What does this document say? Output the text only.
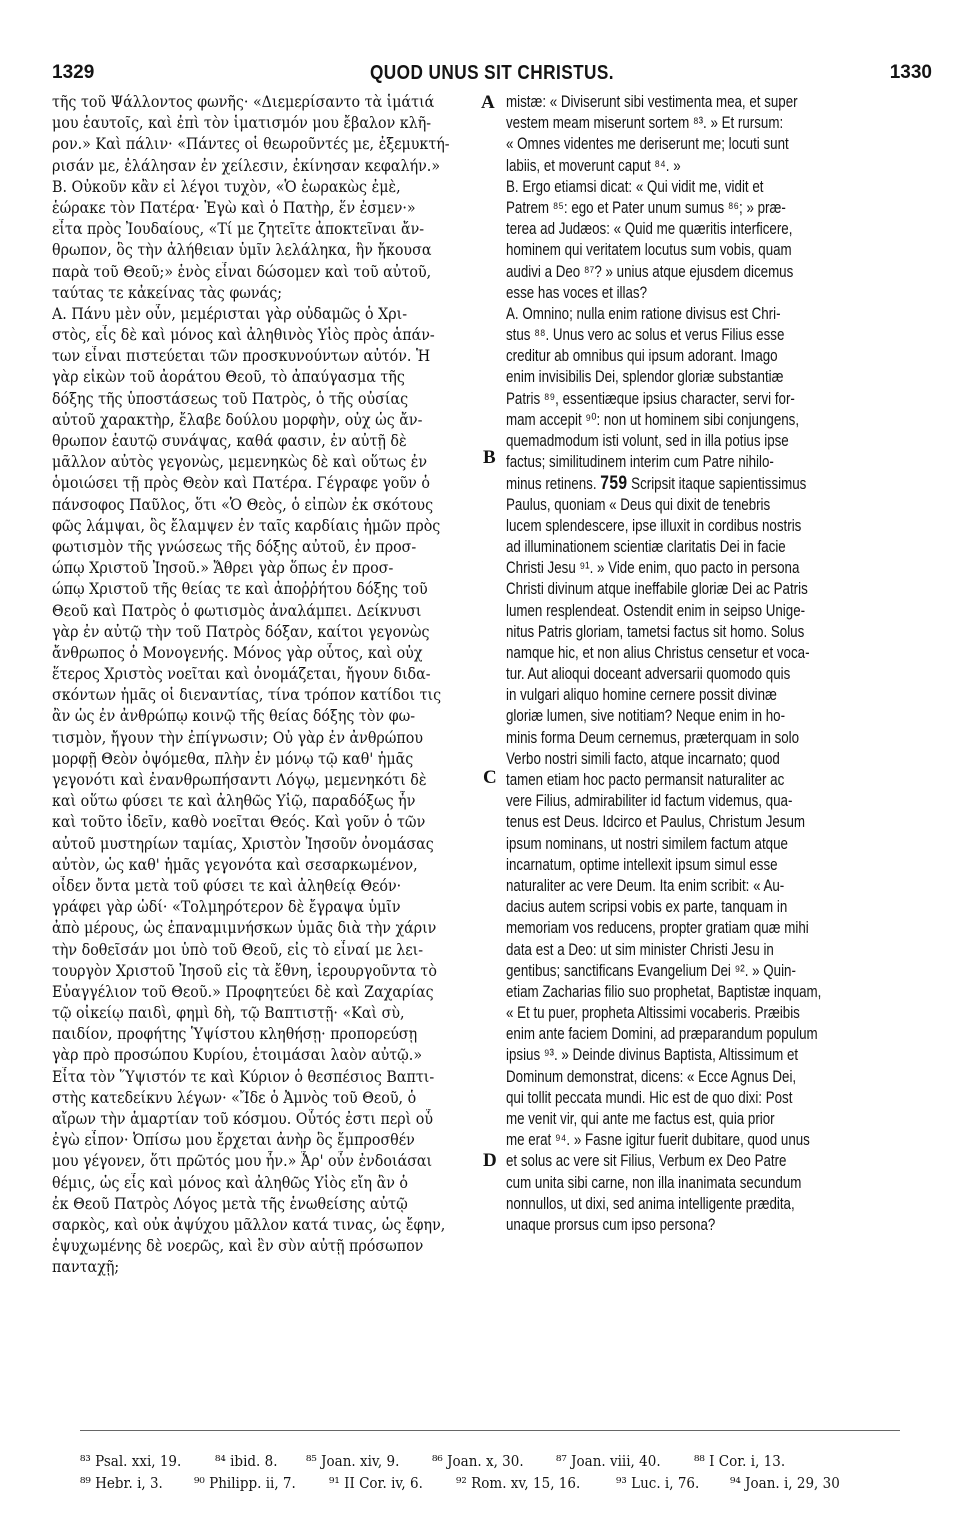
1329	QUOD UNUS SIT CHRISTUS.	1330
τῆς τοῦ Ψάλλοντος φωνῆς· «Διεμερίσαντο τὰ ἱμάτιά
μου ἑαυτοῖς, καὶ ἐπὶ τὸν ἱματισμόν μου ἔβαλον κλῆ-
ρον.» Καὶ πάλιν· «Πάντες οἱ θεωροῦντές με, ἐξεμυκτή-
ρισάν με, ἐλάλησαν ἐν χείλεσιν, ἐκίνησαν κεφαλήν.»
Β. Οὐκοῦν κἂν εἰ λέγοι τυχὸν, «Ὁ ἑωρακὼς ἐμὲ,
ἑώρακε τὸν Πατέρα· Ἐγὼ καὶ ὁ Πατὴρ, ἕν ἐσμεν·»
εἶτα πρὸς Ἰουδαίους, «Τί με ζητεῖτε ἀποκτεῖναι ἄν-
θρωπον, ὃς τὴν ἀλήθειαν ὑμῖν λελάληκα, ἣν ἤκουσα
παρὰ τοῦ Θεοῦ;» ἑνὸς εἶναι δώσομεν καὶ τοῦ αὐτοῦ,
ταύτας τε κἀκείνας τὰς φωνάς;
Α. Πάνυ μὲν οὖν, μεμέρισται γὰρ οὐδαμῶς ὁ Χρι-
στὸς, εἷς δὲ καὶ μόνος καὶ ἀληθινὸς Υἱὸς πρὸς ἁπάν-
των εἶναι πιστεύεται τῶν προσκυνούντων αὐτόν. Ἡ
γὰρ εἰκὼν τοῦ ἀοράτου Θεοῦ, τὸ ἀπαύγασμα τῆς
δόξης τῆς ὑποστάσεως τοῦ Πατρὸς, ὁ τῆς οὐσίας
αὐτοῦ χαρακτὴρ, ἔλαβε δούλου μορφὴν, οὐχ ὡς ἄν-
θρωπον ἑαυτῷ συνάψας, καθά φασιν, ἐν αὐτῇ δὲ
μᾶλλον αὐτὸς γεγονὼς, μεμενηκὼς δὲ καὶ οὕτως ἐν
ὁμοιώσει τῇ πρὸς Θεὸν καὶ Πατέρα. Γέγραφε γοῦν ὁ
πάνσοφος Παῦλος, ὅτι «Ὁ Θεὸς, ὁ εἰπὼν ἐκ σκότους
φῶς λάμψαι, ὃς ἔλαμψεν ἐν ταῖς καρδίαις ἡμῶν πρὸς
φωτισμὸν τῆς γνώσεως τῆς δόξης αὐτοῦ, ἐν προσ-
ώπῳ Χριστοῦ Ἰησοῦ.» Ἄθρει γὰρ ὅπως ἐν προσ-
ώπῳ Χριστοῦ τῆς θείας τε καὶ ἀποῤῥήτου δόξης τοῦ
Θεοῦ καὶ Πατρὸς ὁ φωτισμὸς ἀναλάμπει. Δείκνυσι
γὰρ ἐν αὐτῷ τὴν τοῦ Πατρὸς δόξαν, καίτοι γεγονὼς
ἄνθρωπος ὁ Μονογενής. Μόνος γὰρ οὗτος, καὶ οὐχ
ἕτερος Χριστὸς νοεῖται καὶ ὀνομάζεται, ἤγουν διδα-
σκόντων ἡμᾶς οἱ διεναντίας, τίνα τρόπον κατίδοι τις
ἂν ὡς ἐν ἀνθρώπῳ κοινῷ τῆς θείας δόξης τὸν φω-
τισμὸν, ἤγουν τὴν ἐπίγνωσιν; Οὐ γὰρ ἐν ἀνθρώπου
μορφῇ Θεὸν ὀψόμεθα, πλὴν ἐν μόνῳ τῷ καθ' ἡμᾶς
γεγονότι καὶ ἐνανθρωπήσαντι Λόγῳ, μεμενηκότι δὲ
καὶ οὕτω φύσει τε καὶ ἀληθῶς Υἱῷ, παραδόξως ἦν
καὶ τοῦτο ἰδεῖν, καθὸ νοεῖται Θεός. Καὶ γοῦν ὁ τῶν
αὐτοῦ μυστηρίων ταμίας, Χριστὸν Ἰησοῦν ὀνομάσας
αὐτὸν, ὡς καθ' ἡμᾶς γεγονότα καὶ σεσαρκωμένον,
οἶδεν ὄντα μετὰ τοῦ φύσει τε καὶ ἀληθείᾳ Θεόν·
γράφει γὰρ ὡδί· «Τολμηρότερον δὲ ἔγραψα ὑμῖν
ἀπὸ μέρους, ὡς ἐπαναμιμνήσκων ὑμᾶς διὰ τὴν χάριν
τὴν δοθεῖσάν μοι ὑπὸ τοῦ Θεοῦ, εἰς τὸ εἶναί με λει-
τουργὸν Χριστοῦ Ἰησοῦ εἰς τὰ ἔθνη, ἱερουργοῦντα τὸ
Εὐαγγέλιον τοῦ Θεοῦ.» Προφητεύει δὲ καὶ Ζαχαρίας
τῷ οἰκείῳ παιδὶ, φημὶ δὴ, τῷ Βαπτιστῇ· «Καὶ σὺ,
παιδίον, προφήτης Ὑψίστου κληθήσῃ· προπορεύσῃ
γὰρ πρὸ προσώπου Κυρίου, ἑτοιμάσαι λαὸν αὐτῷ.»
Εἶτα τὸν Ὕψιστόν τε καὶ Κύριον ὁ θεσπέσιος Βαπτι-
στὴς κατεδείκνυ λέγων· «Ἴδε ὁ Ἀμνὸς τοῦ Θεοῦ, ὁ
αἴρων τὴν ἁμαρτίαν τοῦ κόσμου. Οὗτός ἐστι περὶ οὗ
ἐγὼ εἶπον· Ὀπίσω μου ἔρχεται ἀνὴρ ὃς ἔμπροσθέν
μου γέγονεν, ὅτι πρῶτός μου ἦν.» Ἆρ' οὖν ἐνδοιάσαι
θέμις, ὡς εἷς καὶ μόνος καὶ ἀληθῶς Υἱὸς εἴη ἂν ὁ
ἐκ Θεοῦ Πατρὸς Λόγος μετὰ τῆς ἑνωθείσης αὐτῷ
σαρκὸς, καὶ οὐκ ἀψύχου μᾶλλον κατά τινας, ὡς ἔφην,
ἐψυχωμένης δὲ νοερῶς, καὶ ἓν σὺν αὐτῇ πρόσωπον
πανταχῇ;
mistæ: « Diviserunt sibi vestimenta mea, et super
vestem meam miserunt sortem ⁸³. » Et rursum:
« Omnes videntes me deriserunt me; locuti sunt
labiis, et moverunt caput ⁸⁴. »
B. Ergo etiamsi dicat: « Qui vidit me, vidit et
Patrem ⁸⁵: ego et Pater unum sumus ⁸⁶; » præ-
terea ad Judæos: « Quid me quæritis interficere,
hominem qui veritatem locutus sum vobis, quam
audivi a Deo ⁸⁷? » unius atque ejusdem dicemus
esse has voces et illas?
A. Omnino; nulla enim ratione divisus est Chri-
stus ⁸⁸. Unus vero ac solus et verus Filius esse
creditur ab omnibus qui ipsum adorant. Imago
enim invisibilis Dei, splendor gloriæ substantiæ
Patris ⁸⁹, essentiæque ipsius character, servi for-
mam accepit ⁹⁰: non ut hominem sibi conjungens,
quemadmodum isti volunt, sed in illa potius ipse
factus; similitudinem interim cum Patre nihilo-
minus retinens. 759 Scripsit itaque sapientissimus
Paulus, quoniam « Deus qui dixit de tenebris
lucem splendescere, ipse illuxit in cordibus nostris
ad illuminationem scientiæ claritatis Dei in facie
Christi Jesu ⁹¹. » Vide enim, quo pacto in persona
Christi divinum atque ineffabile gloriæ Dei ac Patris
lumen resplendeat. Ostendit enim in seipso Unige-
nitus Patris gloriam, tametsi factus sit homo. Solus
namque hic, et non alius Christus censetur et voca-
tur. Aut alioqui doceant adversarii quomodo quis
in vulgari aliquo homine cernere possit divinæ
gloriæ lumen, sive notitiam? Neque enim in ho-
minis forma Deum cernemus, præterquam in solo
Verbo nostri simili facto, atque incarnato; quod
tamen etiam hoc pacto permansit naturaliter ac
vere Filius, admirabiliter id factum videmus, qua-
tenus est Deus. Idcirco et Paulus, Christum Jesum
ipsum nominans, ut nostri similem factum atque
incarnatum, optime intellexit ipsum simul esse
naturaliter ac vere Deum. Ita enim scribit: « Au-
dacius autem scripsi vobis ex parte, tanquam in
memoriam vos reducens, propter gratiam quæ mihi
data est a Deo: ut sim minister Christi Jesu in
gentibus; sanctificans Evangelium Dei ⁹². » Quin-
etiam Zacharias filio suo prophetat, Baptistæ inquam,
« Et tu puer, propheta Altissimi vocaberis. Præibis
enim ante faciem Domini, ad præparandum populum
ipsius ⁹³. » Deinde divinus Baptista, Altissimum et
Dominum demonstrat, dicens: « Ecce Agnus Dei,
qui tollit peccata mundi. Hic est de quo dixi: Post
me venit vir, qui ante me factus est, quia prior
me erat ⁹⁴. » Fasne igitur fuerit dubitare, quod unus
et solus ac vere sit Filius, Verbum ex Deo Patre
cum unita sibi carne, non illa inanimata secundum
nonnullos, ut dixi, sed anima intelligente prædita,
unaque prorsus cum ipso persona?
A
B
C
D
⁸³ Psal. xxi, 19. ⁸⁴ ibid. 8. ⁸⁵ Joan. xiv, 9. ⁸⁶ Joan. x, 30. ⁸⁷ Joan. viii, 40. ⁸⁸ I Cor. i, 13.
⁸⁹ Hebr. i, 3. ⁹⁰ Philipp. ii, 7. ⁹¹ II Cor. iv, 6. ⁹² Rom. xv, 15, 16. ⁹³ Luc. i, 76. ⁹⁴ Joan. i, 29, 30
